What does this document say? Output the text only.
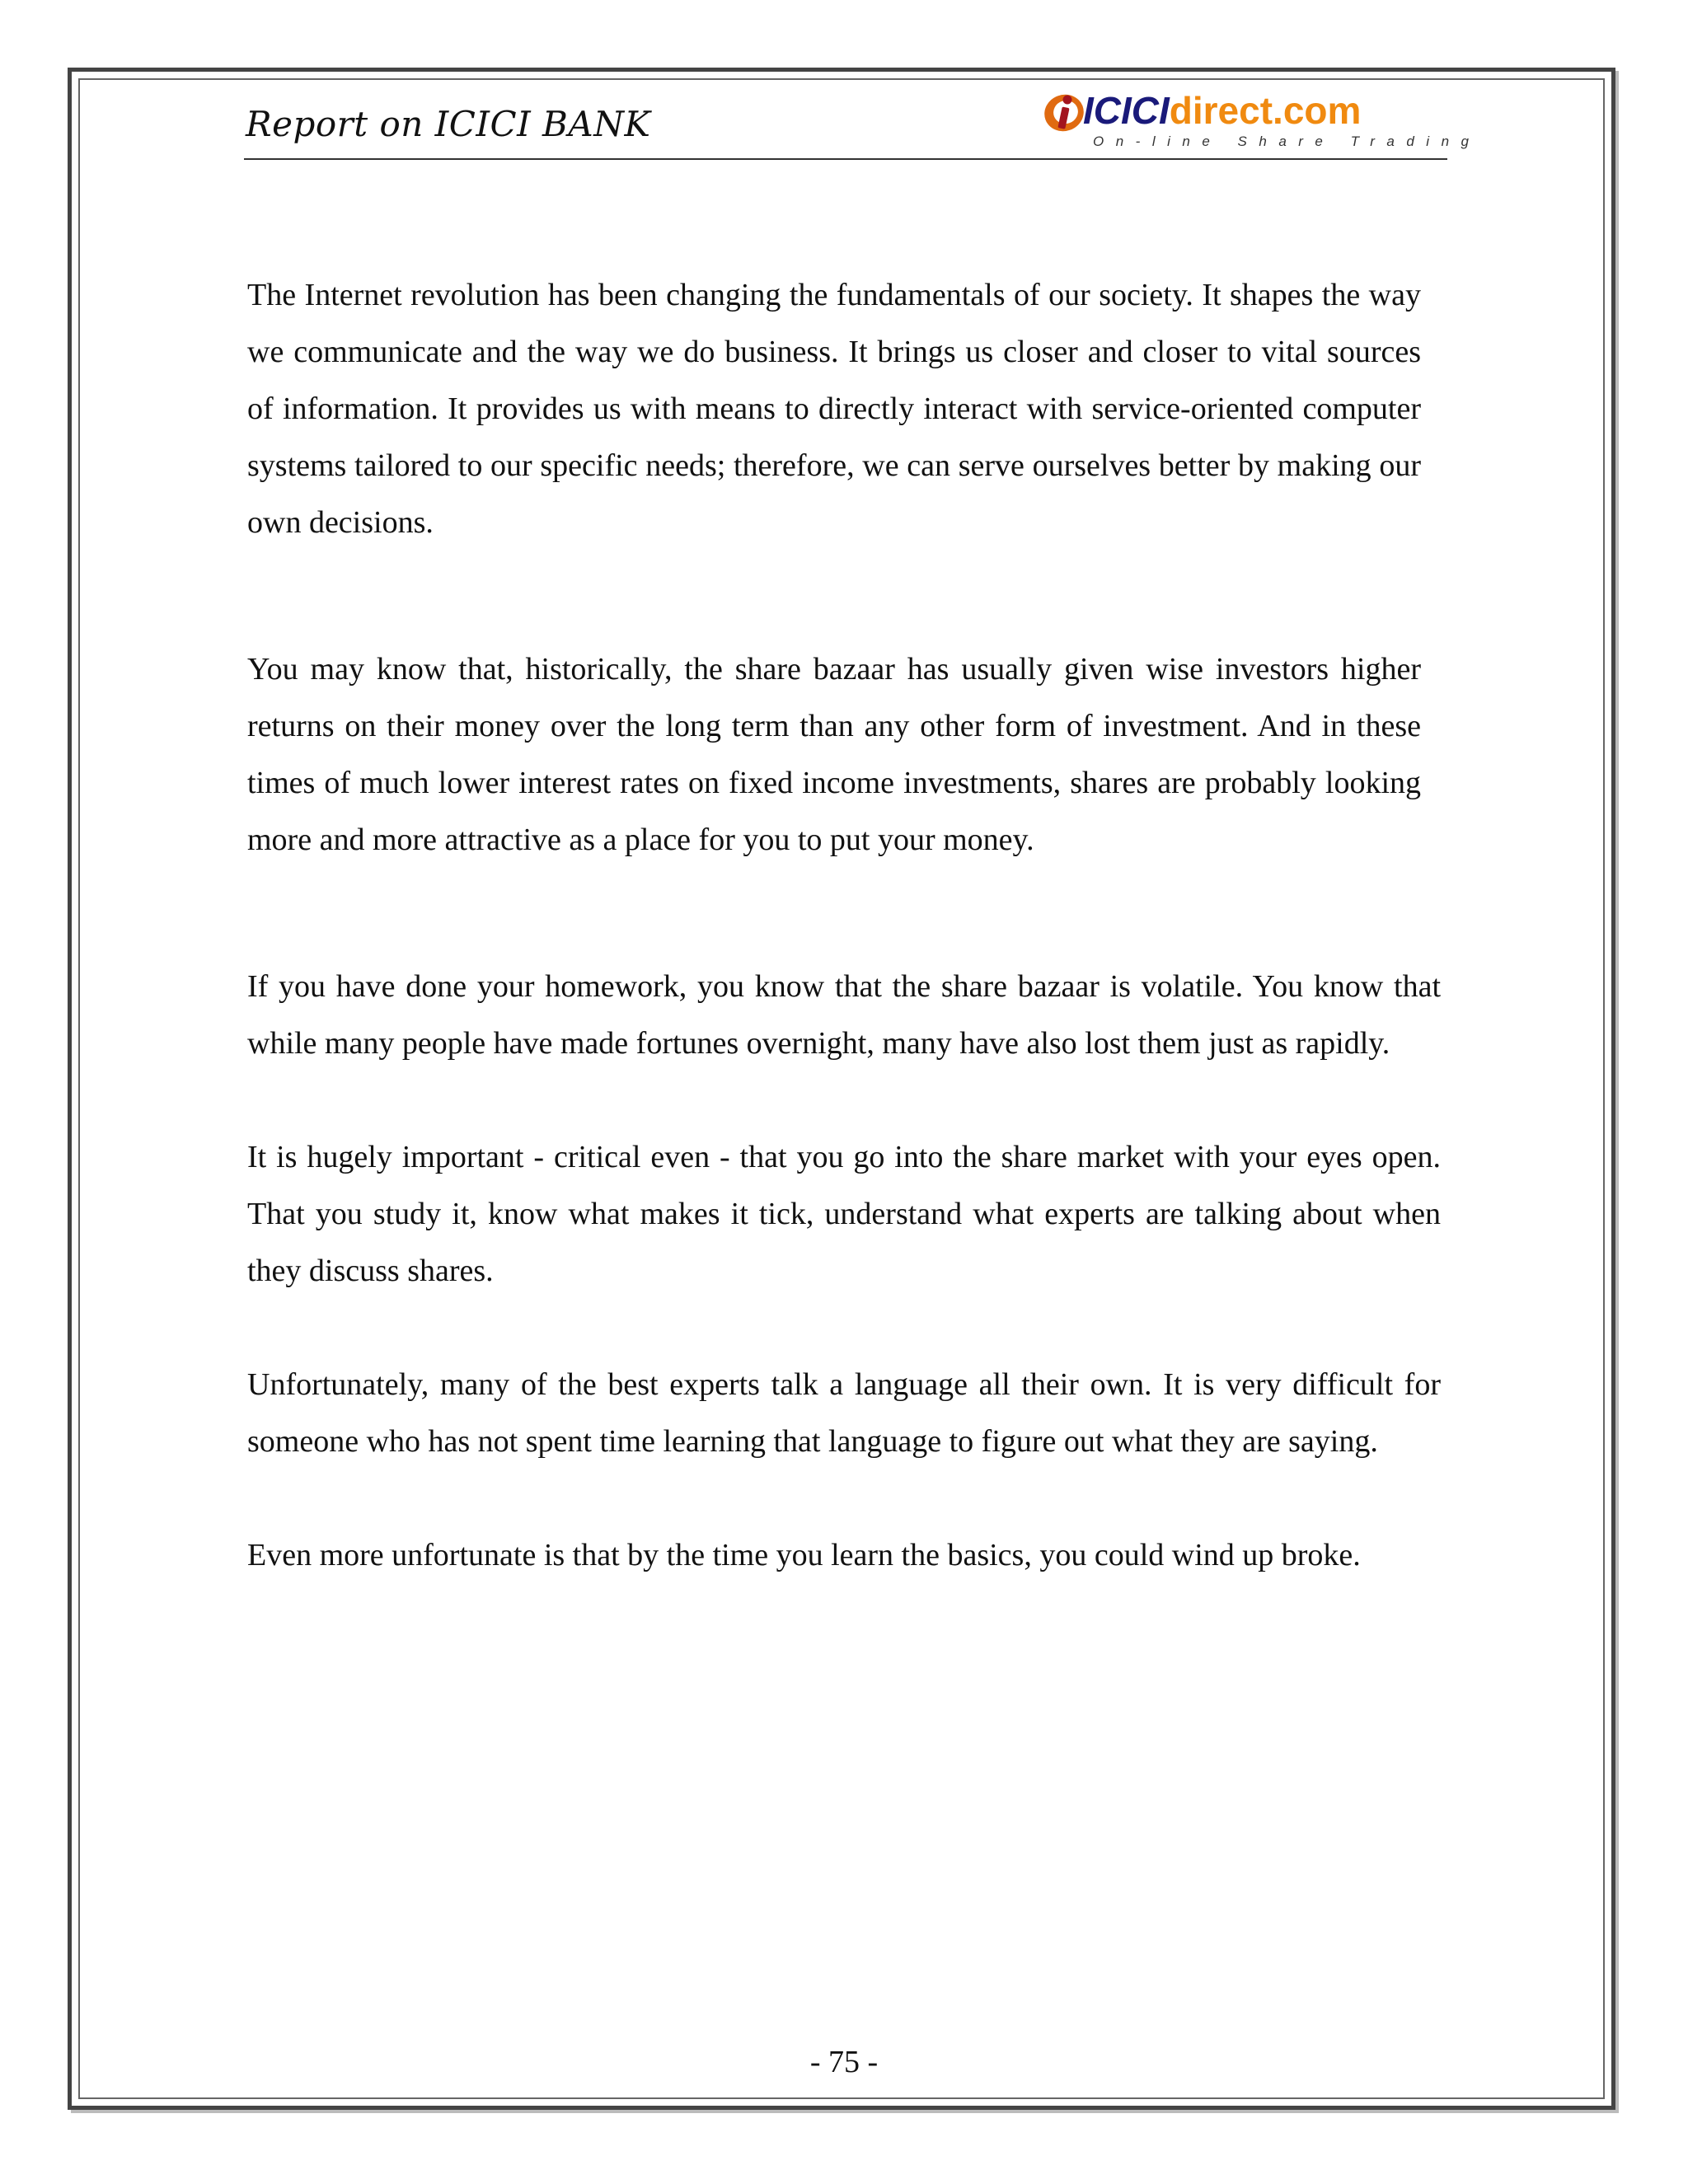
Report on ICICI BANK	ICICIdirect.com
On-line Share Trading

The Internet revolution has been changing the fundamentals of our society. It shapes the way we communicate and the way we do business. It brings us closer and closer to vital sources of information. It provides us with means to directly interact with service-oriented computer systems tailored to our specific needs; therefore, we can serve ourselves better by making our own decisions.

You may know that, historically, the share bazaar has usually given wise investors higher returns on their money over the long term than any other form of investment. And in these times of much lower interest rates on fixed income investments, shares are probably looking more and more attractive as a place for you to put your money.

If you have done your homework, you know that the share bazaar is volatile. You know that while many people have made fortunes overnight, many have also lost them just as rapidly.

It is hugely important - critical even - that you go into the share market with your eyes open. That you study it, know what makes it tick, understand what experts are talking about when they discuss shares.

Unfortunately, many of the best experts talk a language all their own. It is very difficult for someone who has not spent time learning that language to figure out what they are saying.

Even more unfortunate is that by the time you learn the basics, you could wind up broke.

- 75 -
